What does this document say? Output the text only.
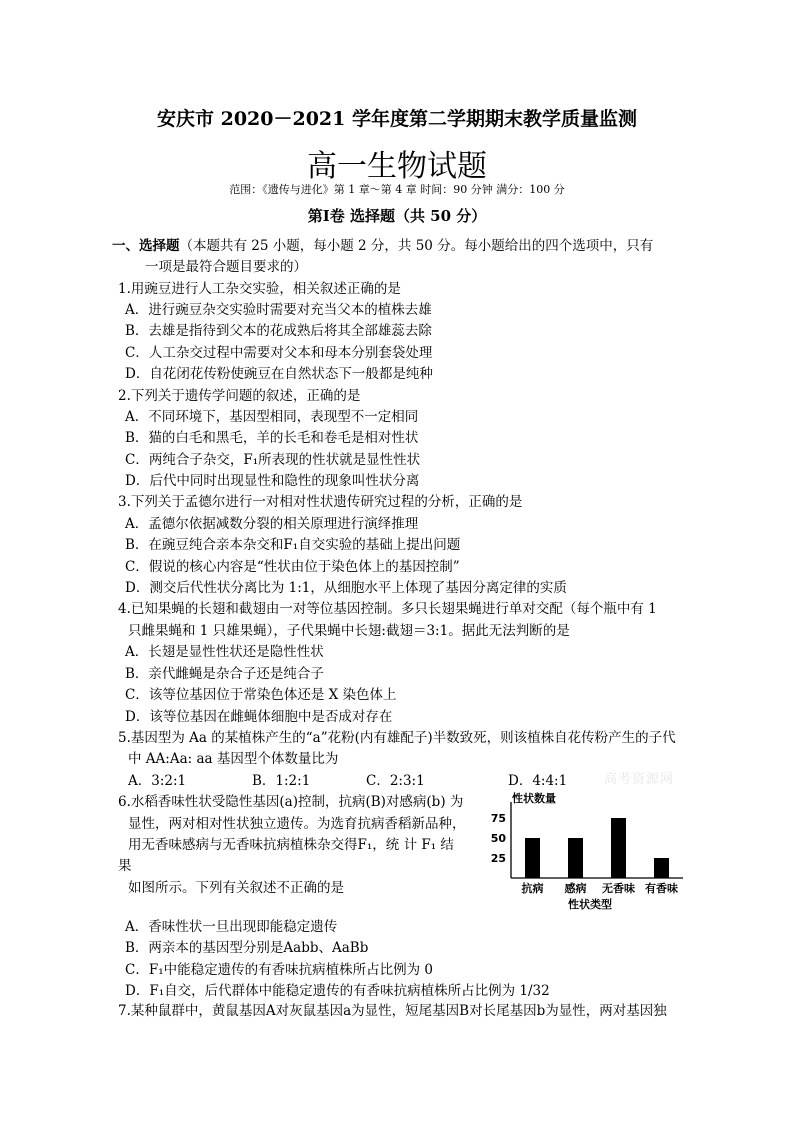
安庆市 2020－2021 学年度第二学期期末教学质量监测
高一生物试题
范围：《遗传与进化》第 1 章～第 4 章 时间：90 分钟 满分：100 分
第Ⅰ卷 选择题（共 50 分）
一、选择题（本题共有 25 小题，每小题 2 分，共 50 分。每小题给出的四个选项中，只有
一项是最符合题目要求的）
1.用豌豆进行人工杂交实验，相关叙述正确的是
A．进行豌豆杂交实验时需要对充当父本的植株去雄
B．去雄是指待到父本的花成熟后将其全部雄蕊去除
C．人工杂交过程中需要对父本和母本分别套袋处理
D．自花闭花传粉使豌豆在自然状态下一般都是纯种
2.下列关于遗传学问题的叙述，正确的是
A．不同环境下，基因型相同，表现型不一定相同
B．猫的白毛和黑毛，羊的长毛和卷毛是相对性状
C．两纯合子杂交，F₁所表现的性状就是显性性状
D．后代中同时出现显性和隐性的现象叫性状分离
3.下列关于孟德尔进行一对相对性状遗传研究过程的分析，正确的是
A．孟德尔依据减数分裂的相关原理进行演绎推理
B．在豌豆纯合亲本杂交和F₁自交实验的基础上提出问题
C．假说的核心内容是“性状由位于染色体上的基因控制”
D．测交后代性状分离比为 1:1，从细胞水平上体现了基因分离定律的实质
4.已知果蝇的长翅和截翅由一对等位基因控制。多只长翅果蝇进行单对交配（每个瓶中有 1
只雌果蝇和 1 只雄果蝇），子代果蝇中长翅:截翅＝3:1。据此无法判断的是
A．长翅是显性性状还是隐性性状
B．亲代雌蝇是杂合子还是纯合子
C．该等位基因位于常染色体还是 X 染色体上
D．该等位基因在雌蝇体细胞中是否成对存在
5.基因型为 Aa 的某植株产生的“a”花粉(内有雄配子)半数致死，则该植株自花传粉产生的子代
中 AA:Aa: aa 基因型个体数量比为
A．3:2:1	B．1:2:1	C．2:3:1	D．4:4:1	高考资源网
6.水稻香味性状受隐性基因(a)控制，抗病(B)对感病(b) 为
显性，两对相对性状独立遗传。为选育抗病香稻新品种，
用无香味感病与无香味抗病植株杂交得F₁，统 计 F₁ 结
果
如图所示。下列有关叙述不正确的是
A．香味性状一旦出现即能稳定遗传
B．两亲本的基因型分别是Aabb、AaBb
C．F₁中能稳定遗传的有香味抗病植株所占比例为 0
D．F₁自交，后代群体中能稳定遗传的有香味抗病植株所占比例为 1/32
7.某种鼠群中，黄鼠基因A对灰鼠基因a为显性，短尾基因B对长尾基因b为显性，两对基因独
性状数量
25
50
75
抗病 感病 无香味 有香味
性状类型
